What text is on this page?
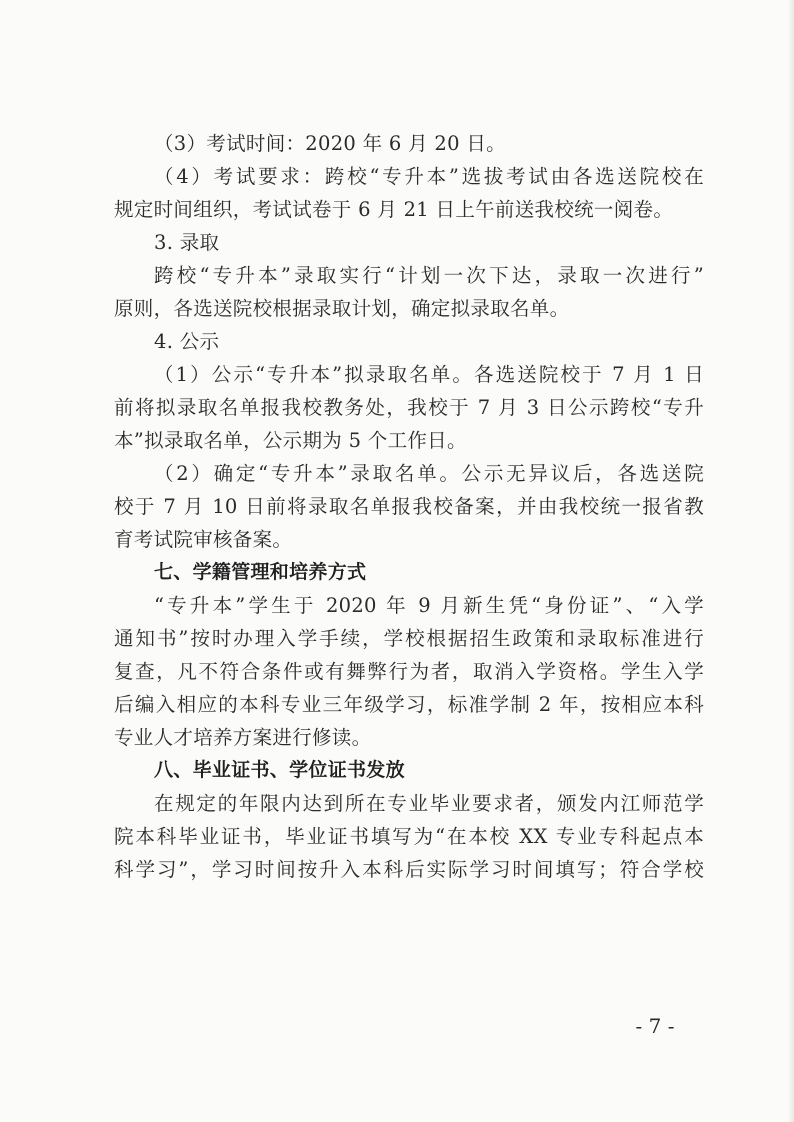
（3）考试时间：2020 年 6 月 20 日。
（4）考试要求：跨校“专升本”选拔考试由各选送院校在
规定时间组织，考试试卷于 6 月 21 日上午前送我校统一阅卷。
3. 录取
跨校“专升本”录取实行“计划一次下达，录取一次进行”
原则，各选送院校根据录取计划，确定拟录取名单。
4. 公示
（1）公示“专升本”拟录取名单。各选送院校于 7 月 1 日
前将拟录取名单报我校教务处，我校于 7 月 3 日公示跨校“专升
本”拟录取名单，公示期为 5 个工作日。
（2）确定“专升本”录取名单。公示无异议后，各选送院
校于 7 月 10 日前将录取名单报我校备案，并由我校统一报省教
育考试院审核备案。
七、学籍管理和培养方式
“专升本”学生于 2020 年 9 月新生凭“身份证”、“入学
通知书”按时办理入学手续，学校根据招生政策和录取标准进行
复查，凡不符合条件或有舞弊行为者，取消入学资格。学生入学
后编入相应的本科专业三年级学习，标准学制 2 年，按相应本科
专业人才培养方案进行修读。
八、毕业证书、学位证书发放
在规定的年限内达到所在专业毕业要求者，颁发内江师范学
院本科毕业证书，毕业证书填写为“在本校 XX 专业专科起点本
科学习”，学习时间按升入本科后实际学习时间填写；符合学校
- 7 -
